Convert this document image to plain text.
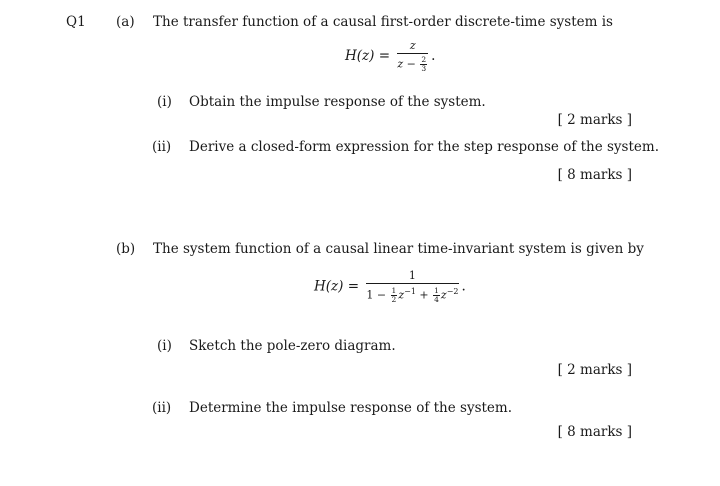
Q1 (a) The transfer function of a causal first-order discrete-time system is
$H(z) = \frac{z}{z - \frac{2}{3}}$ .
(i) Obtain the impulse response of the system.
[ 2 marks ]
(ii) Derive a closed-form expression for the step response of the system.
[ 8 marks ]
(b) The system function of a causal linear time-invariant system is given by
H(z) =
1
$1 - \frac{1}{2} z^{-1} + \frac{1}{4} z^{-2}$ .
(i) Sketch the pole-zero diagram.
[ 2 marks ]
(ii) Determine the impulse response of the system.
[ 8 marks ]
